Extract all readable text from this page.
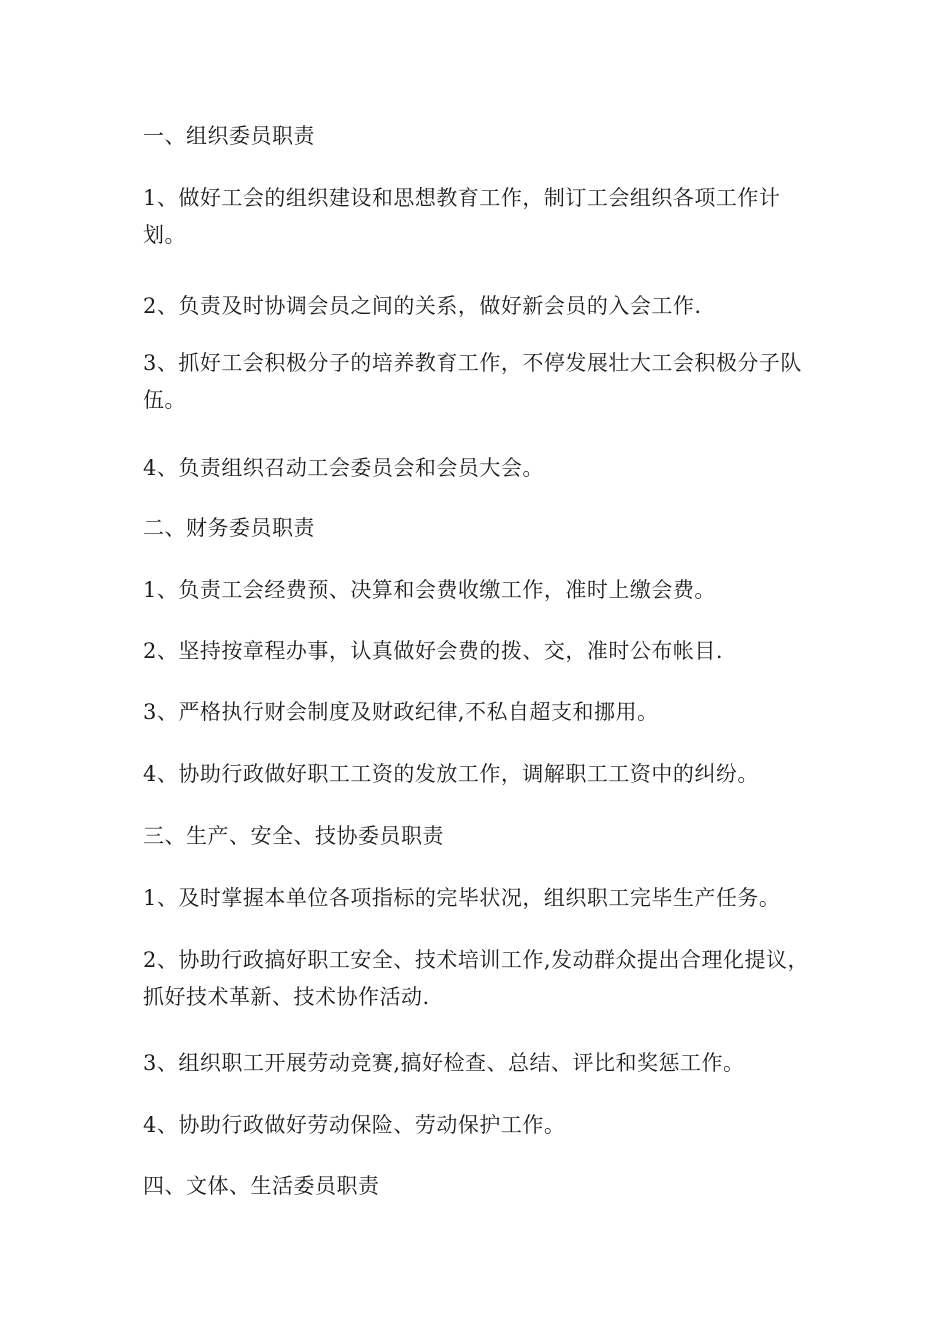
一、组织委员职责

1、做好工会的组织建设和思想教育工作，制订工会组织各项工作计划。

2、负责及时协调会员之间的关系，做好新会员的入会工作.

3、抓好工会积极分子的培养教育工作，不停发展壮大工会积极分子队伍。

4、负责组织召动工会委员会和会员大会。

二、财务委员职责

1、负责工会经费预、决算和会费收缴工作，准时上缴会费。

2、坚持按章程办事，认真做好会费的拨、交，准时公布帐目.

3、严格执行财会制度及财政纪律,不私自超支和挪用。

4、协助行政做好职工工资的发放工作，调解职工工资中的纠纷。

三、生产、安全、技协委员职责

1、及时掌握本单位各项指标的完毕状况，组织职工完毕生产任务。

2、协助行政搞好职工安全、技术培训工作,发动群众提出合理化提议，抓好技术革新、技术协作活动.

3、组织职工开展劳动竞赛,搞好检查、总结、评比和奖惩工作。

4、协助行政做好劳动保险、劳动保护工作。

四、文体、生活委员职责
